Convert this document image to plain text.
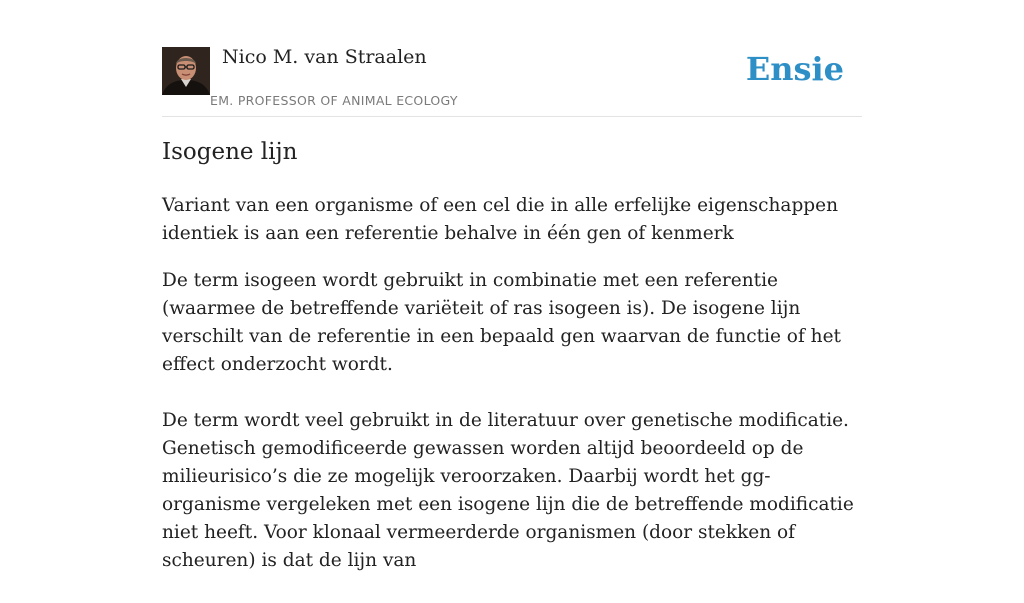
Nico M. van Straalen
EM. PROFESSOR OF ANIMAL ECOLOGY
Ensie
Isogene lijn

Variant van een organisme of een cel die in alle erfelijke eigenschappen identiek is aan een referentie behalve in één gen of kenmerk

De term isogeen wordt gebruikt in combinatie met een referentie (waarmee de betreffende variëteit of ras isogeen is). De isogene lijn verschilt van de referentie in een bepaald gen waarvan de functie of het effect onderzocht wordt.

De term wordt veel gebruikt in de literatuur over genetische modificatie. Genetisch gemodificeerde gewassen worden altijd beoordeeld op de milieurisico’s die ze mogelijk veroorzaken. Daarbij wordt het gg-organisme vergeleken met een isogene lijn die de betreffende modificatie niet heeft. Voor klonaal vermeerderde organismen (door stekken of scheuren) is dat de lijn van
